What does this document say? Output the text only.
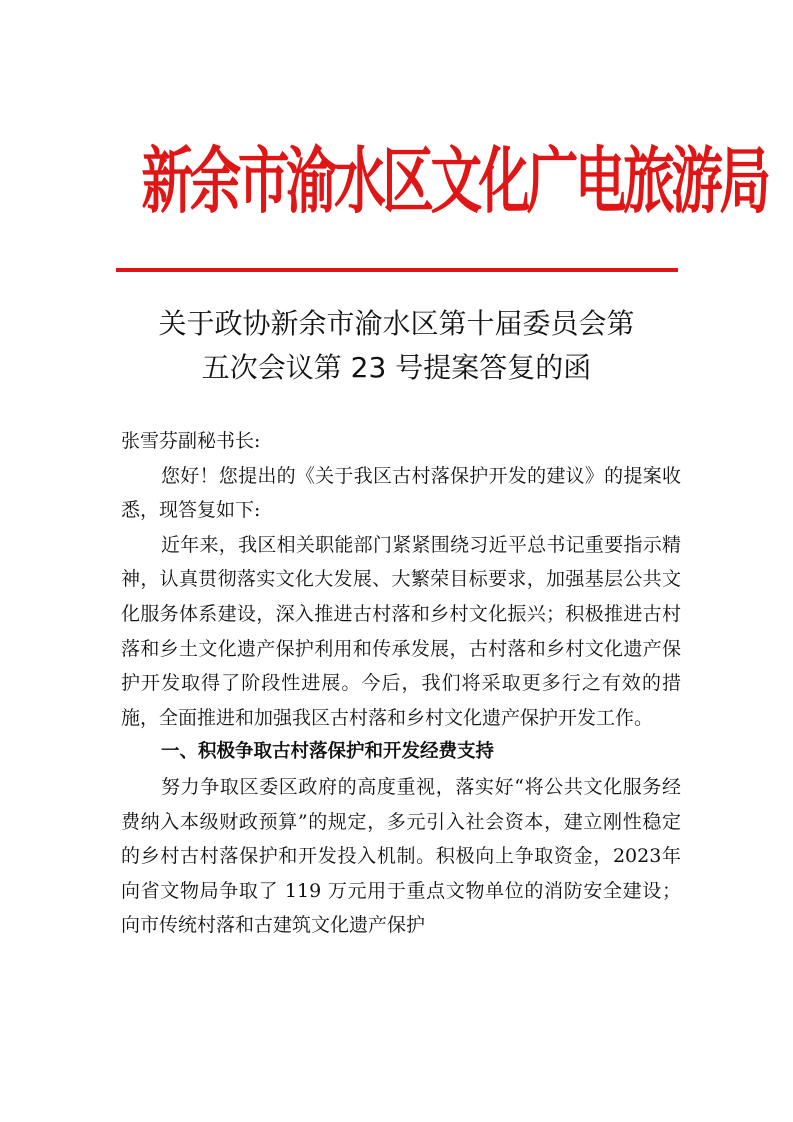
新余市渝水区文化广电旅游局
关于政协新余市渝水区第十届委员会第
五次会议第 23 号提案答复的函

张雪芬副秘书长:

您好！您提出的《关于我区古村落保护开发的建议》的提案收悉，现答复如下:

近年来，我区相关职能部门紧紧围绕习近平总书记重要指示精神，认真贯彻落实文化大发展、大繁荣目标要求，加强基层公共文化服务体系建设，深入推进古村落和乡村文化振兴；积极推进古村落和乡土文化遗产保护利用和传承发展，古村落和乡村文化遗产保护开发取得了阶段性进展。今后，我们将采取更多行之有效的措施，全面推进和加强我区古村落和乡村文化遗产保护开发工作。

一、积极争取古村落保护和开发经费支持

努力争取区委区政府的高度重视，落实好“将公共文化服务经费纳入本级财政预算”的规定，多元引入社会资本，建立刚性稳定的乡村古村落保护和开发投入机制。积极向上争取资金，2023年向省文物局争取了 119 万元用于重点文物单位的消防安全建设；向市传统村落和古建筑文化遗产保护
